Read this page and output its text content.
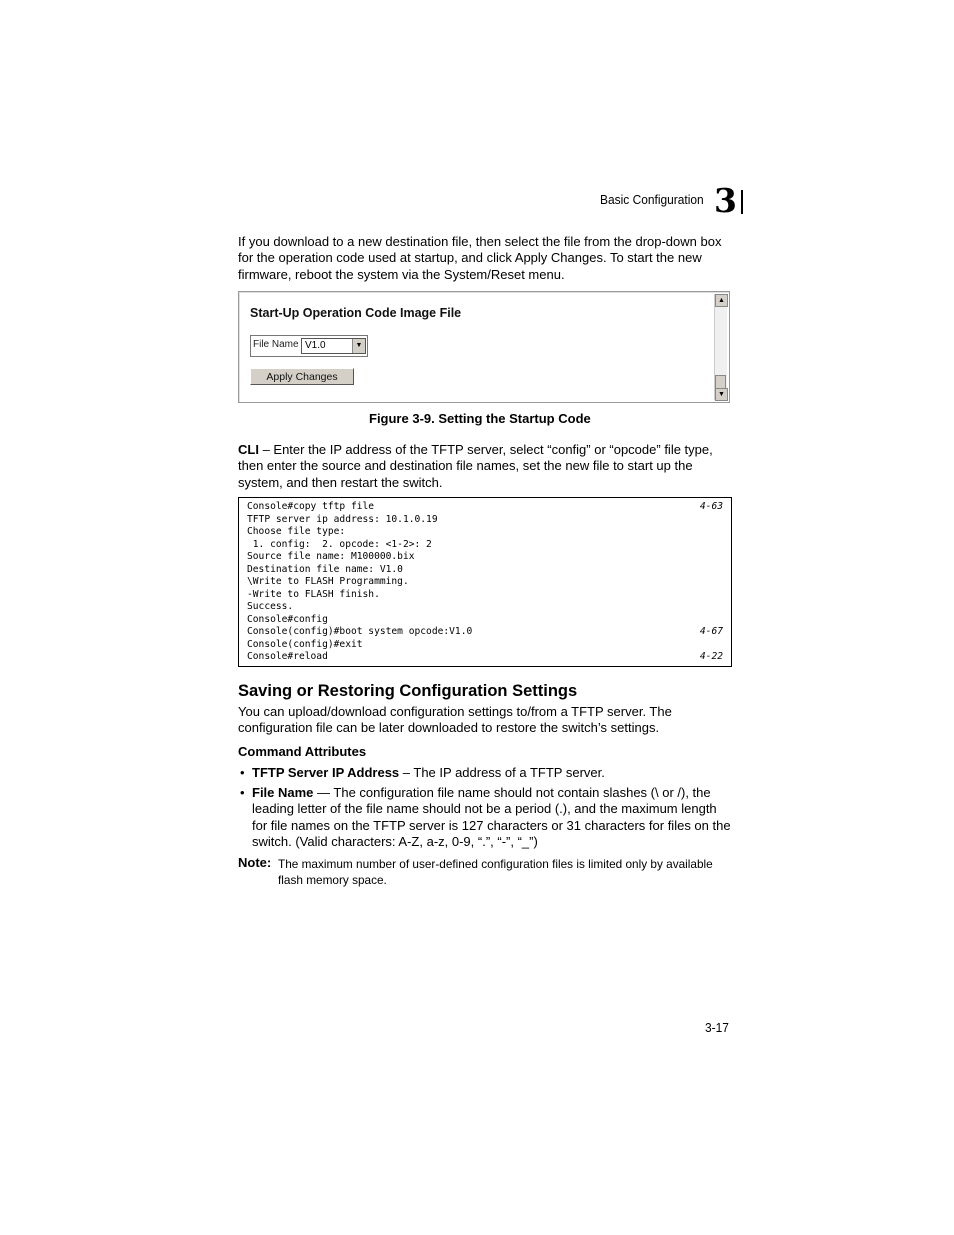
Basic Configuration 3
If you download to a new destination file, then select the file from the drop-down box for the operation code used at startup, and click Apply Changes. To start the new firmware, reboot the system via the System/Reset menu.
Start-Up Operation Code Image File
File Name V1.0	▼
Apply Changes
▲
▼
Figure 3-9. Setting the Startup Code
CLI – Enter the IP address of the TFTP server, select “config” or “opcode” file type, then enter the source and destination file names, set the new file to start up the system, and then restart the switch.
Console#copy tftp file	4-63
TFTP server ip address: 10.1.0.19
Choose file type:
1. config:  2. opcode: <1-2>: 2
Source file name: M100000.bix
Destination file name: V1.0
\Write to FLASH Programming.
-Write to FLASH finish.
Success.
Console#config
Console(config)#boot system opcode:V1.0	4-67
Console(config)#exit
Console#reload	4-22
Saving or Restoring Configuration Settings
You can upload/download configuration settings to/from a TFTP server. The configuration file can be later downloaded to restore the switch’s settings.
Command Attributes
• TFTP Server IP Address – The IP address of a TFTP server.
• File Name — The configuration file name should not contain slashes (\ or /), the leading letter of the file name should not be a period (.), and the maximum length for file names on the TFTP server is 127 characters or 31 characters for files on the switch. (Valid characters: A-Z, a-z, 0-9, “.”, “-”, “_”)
Note: The maximum number of user-defined configuration files is limited only by available flash memory space.
3-17
